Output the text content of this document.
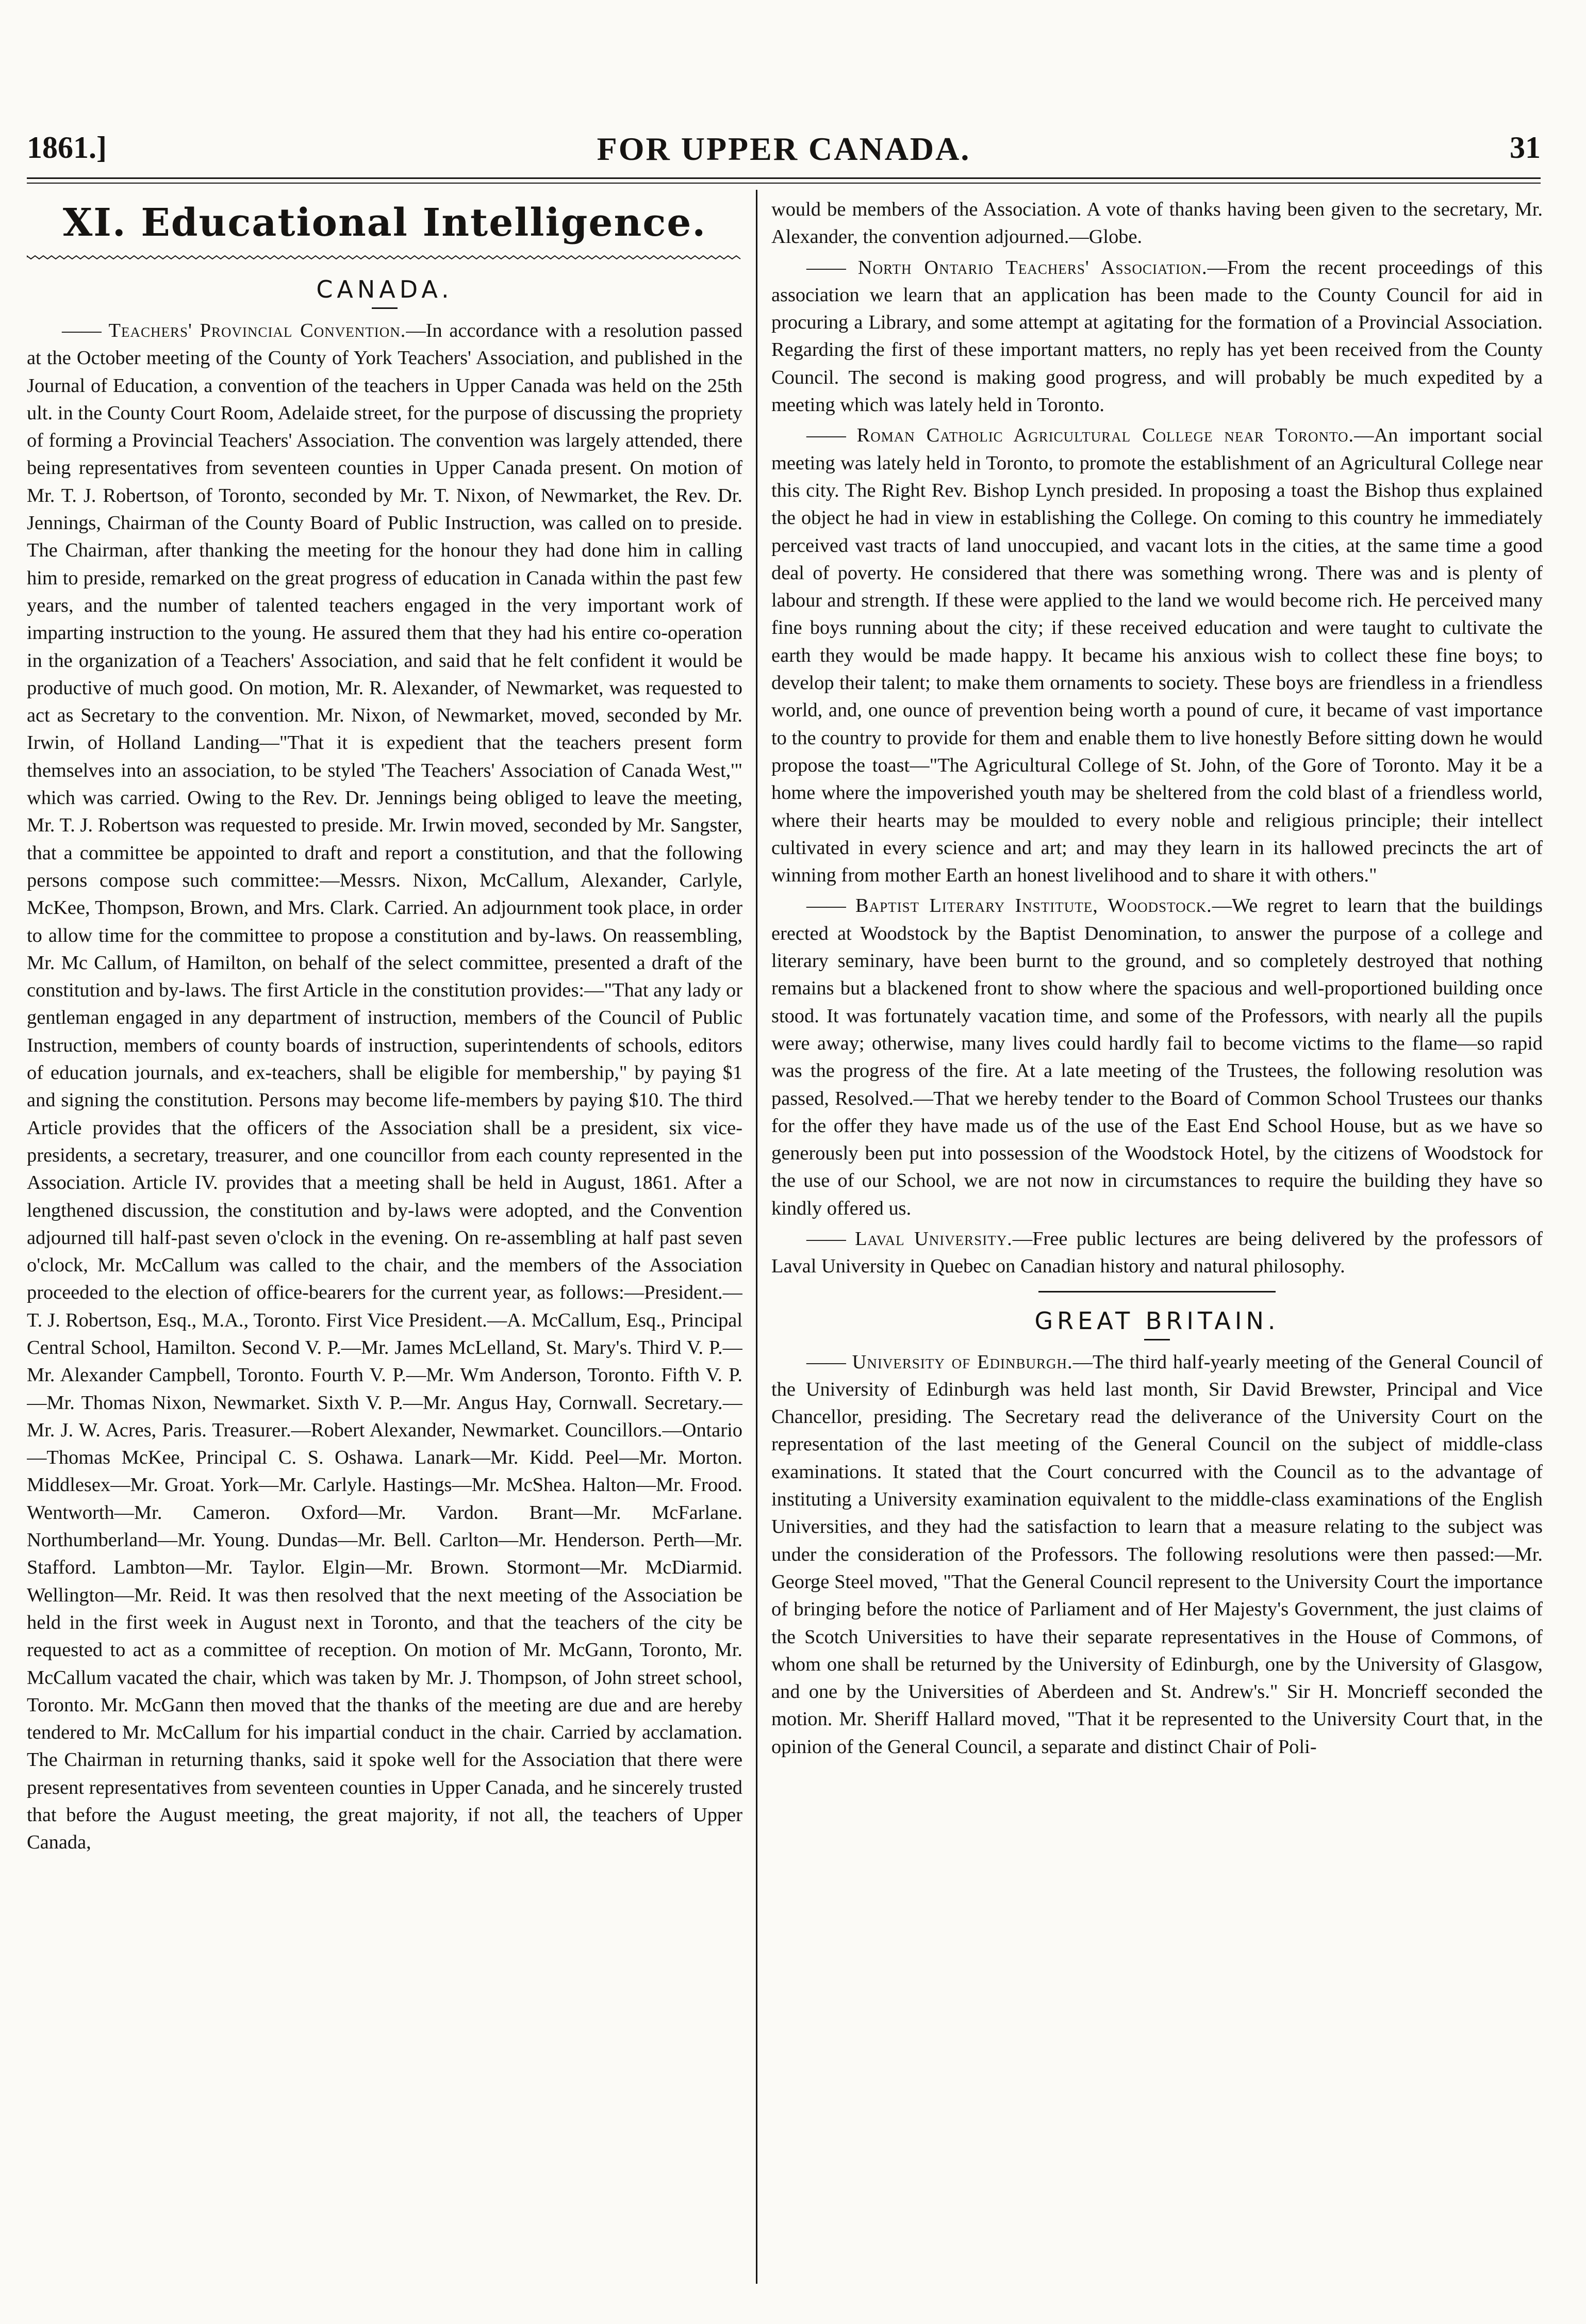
1861.]	FOR UPPER CANADA.	31
XI. Educational Intelligence.
CANADA.

—— Teachers' Provincial Convention.—In accordance with a resolution passed at the October meeting of the County of York Teachers' Association, and published in the Journal of Education, a convention of the teachers in Upper Canada was held on the 25th ult. in the County Court Room, Adelaide street, for the purpose of discussing the propriety of forming a Provincial Teachers' Association. The convention was largely attended, there being representatives from seventeen counties in Upper Canada present. On motion of Mr. T. J. Robertson, of Toronto, seconded by Mr. T. Nixon, of Newmarket, the Rev. Dr. Jennings, Chairman of the County Board of Public Instruction, was called on to preside. The Chairman, after thanking the meeting for the honour they had done him in calling him to preside, remarked on the great progress of education in Canada within the past few years, and the number of talented teachers engaged in the very important work of imparting instruction to the young. He assured them that they had his entire co-operation in the organization of a Teachers' Association, and said that he felt confident it would be productive of much good. On motion, Mr. R. Alexander, of Newmarket, was requested to act as Secretary to the convention. Mr. Nixon, of Newmarket, moved, seconded by Mr. Irwin, of Holland Landing—"That it is expedient that the teachers present form themselves into an association, to be styled 'The Teachers' Association of Canada West,'" which was carried. Owing to the Rev. Dr. Jennings being obliged to leave the meeting, Mr. T. J. Robertson was requested to preside. Mr. Irwin moved, seconded by Mr. Sangster, that a committee be appointed to draft and report a constitution, and that the following persons compose such committee:—Messrs. Nixon, McCallum, Alexander, Carlyle, McKee, Thompson, Brown, and Mrs. Clark. Carried. An adjournment took place, in order to allow time for the committee to propose a constitution and by-laws. On reassembling, Mr. Mc Callum, of Hamilton, on behalf of the select committee, presented a draft of the constitution and by-laws. The first Article in the constitution provides:—"That any lady or gentleman engaged in any department of instruction, members of the Council of Public Instruction, members of county boards of instruction, superintendents of schools, editors of education journals, and ex-teachers, shall be eligible for membership," by paying $1 and signing the constitution. Persons may become life-members by paying $10. The third Article provides that the officers of the Association shall be a president, six vice-presidents, a secretary, treasurer, and one councillor from each county represented in the Association. Article IV. provides that a meeting shall be held in August, 1861. After a lengthened discussion, the constitution and by-laws were adopted, and the Convention adjourned till half-past seven o'clock in the evening. On re-assembling at half past seven o'clock, Mr. McCallum was called to the chair, and the members of the Association proceeded to the election of office-bearers for the current year, as follows:—President.—T. J. Robertson, Esq., M.A., Toronto. First Vice President.—A. McCallum, Esq., Principal Central School, Hamilton. Second V. P.—Mr. James McLelland, St. Mary's. Third V. P.—Mr. Alexander Campbell, Toronto. Fourth V. P.—Mr. Wm Anderson, Toronto. Fifth V. P.—Mr. Thomas Nixon, Newmarket. Sixth V. P.—Mr. Angus Hay, Cornwall. Secretary.—Mr. J. W. Acres, Paris. Treasurer.—Robert Alexander, Newmarket. Councillors.—Ontario—Thomas McKee, Principal C. S. Oshawa. Lanark—Mr. Kidd. Peel—Mr. Morton. Middlesex—Mr. Groat. York—Mr. Carlyle. Hastings—Mr. McShea. Halton—Mr. Frood. Wentworth—Mr. Cameron. Oxford—Mr. Vardon. Brant—Mr. McFarlane. Northumberland—Mr. Young. Dundas—Mr. Bell. Carlton—Mr. Henderson. Perth—Mr. Stafford. Lambton—Mr. Taylor. Elgin—Mr. Brown. Stormont—Mr. McDiarmid. Wellington—Mr. Reid. It was then resolved that the next meeting of the Association be held in the first week in August next in Toronto, and that the teachers of the city be requested to act as a committee of reception. On motion of Mr. McGann, Toronto, Mr. McCallum vacated the chair, which was taken by Mr. J. Thompson, of John street school, Toronto. Mr. McGann then moved that the thanks of the meeting are due and are hereby tendered to Mr. McCallum for his impartial conduct in the chair. Carried by acclamation. The Chairman in returning thanks, said it spoke well for the Association that there were present representatives from seventeen counties in Upper Canada, and he sincerely trusted that before the August meeting, the great majority, if not all, the teachers of Upper Canada,

would be members of the Association. A vote of thanks having been given to the secretary, Mr. Alexander, the convention adjourned.—Globe.

—— North Ontario Teachers' Association.—From the recent proceedings of this association we learn that an application has been made to the County Council for aid in procuring a Library, and some attempt at agitating for the formation of a Provincial Association. Regarding the first of these important matters, no reply has yet been received from the County Council. The second is making good progress, and will probably be much expedited by a meeting which was lately held in Toronto.

—— Roman Catholic Agricultural College near Toronto.—An important social meeting was lately held in Toronto, to promote the establishment of an Agricultural College near this city. The Right Rev. Bishop Lynch presided. In proposing a toast the Bishop thus explained the object he had in view in establishing the College. On coming to this country he immediately perceived vast tracts of land unoccupied, and vacant lots in the cities, at the same time a good deal of poverty. He considered that there was something wrong. There was and is plenty of labour and strength. If these were applied to the land we would become rich. He perceived many fine boys running about the city; if these received education and were taught to cultivate the earth they would be made happy. It became his anxious wish to collect these fine boys; to develop their talent; to make them ornaments to society. These boys are friendless in a friendless world, and, one ounce of prevention being worth a pound of cure, it became of vast importance to the country to provide for them and enable them to live honestly Before sitting down he would propose the toast—"The Agricultural College of St. John, of the Gore of Toronto. May it be a home where the impoverished youth may be sheltered from the cold blast of a friendless world, where their hearts may be moulded to every noble and religious principle; their intellect cultivated in every science and art; and may they learn in its hallowed precincts the art of winning from mother Earth an honest livelihood and to share it with others."

—— Baptist Literary Institute, Woodstock.—We regret to learn that the buildings erected at Woodstock by the Baptist Denomination, to answer the purpose of a college and literary seminary, have been burnt to the ground, and so completely destroyed that nothing remains but a blackened front to show where the spacious and well-proportioned building once stood. It was fortunately vacation time, and some of the Professors, with nearly all the pupils were away; otherwise, many lives could hardly fail to become victims to the flame—so rapid was the progress of the fire. At a late meeting of the Trustees, the following resolution was passed, Resolved.—That we hereby tender to the Board of Common School Trustees our thanks for the offer they have made us of the use of the East End School House, but as we have so generously been put into possession of the Woodstock Hotel, by the citizens of Woodstock for the use of our School, we are not now in circumstances to require the building they have so kindly offered us.

—— Laval University.—Free public lectures are being delivered by the professors of Laval University in Quebec on Canadian history and natural philosophy.

GREAT BRITAIN.

—— University of Edinburgh.—The third half-yearly meeting of the General Council of the University of Edinburgh was held last month, Sir David Brewster, Principal and Vice Chancellor, presiding. The Secretary read the deliverance of the University Court on the representation of the last meeting of the General Council on the subject of middle-class examinations. It stated that the Court concurred with the Council as to the advantage of instituting a University examination equivalent to the middle-class examinations of the English Universities, and they had the satisfaction to learn that a measure relating to the subject was under the consideration of the Professors. The following resolutions were then passed:—Mr. George Steel moved, "That the General Council represent to the University Court the importance of bringing before the notice of Parliament and of Her Majesty's Government, the just claims of the Scotch Universities to have their separate representatives in the House of Commons, of whom one shall be returned by the University of Edinburgh, one by the University of Glasgow, and one by the Universities of Aberdeen and St. Andrew's." Sir H. Moncrieff seconded the motion. Mr. Sheriff Hallard moved, "That it be represented to the University Court that, in the opinion of the General Council, a separate and distinct Chair of Poli-
